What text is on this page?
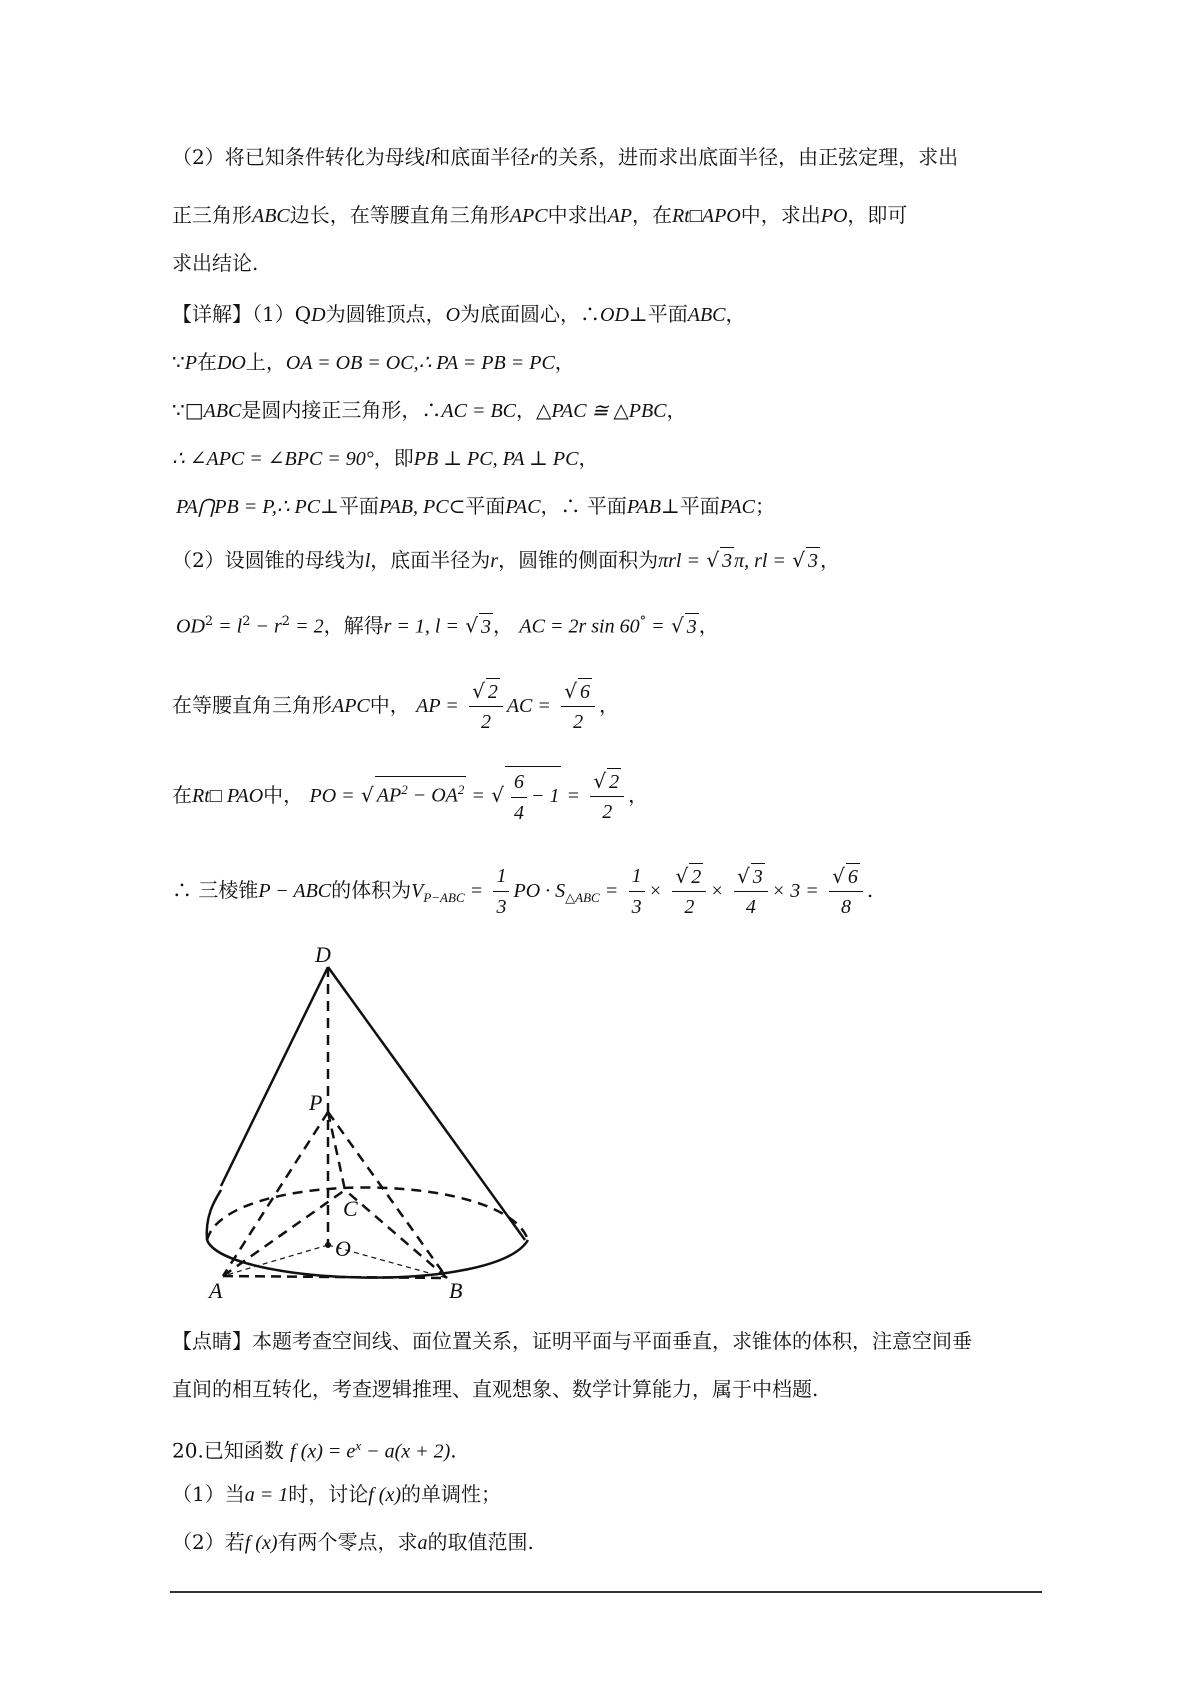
（2）将已知条件转化为母线l和底面半径r的关系，进而求出底面半径，由正弦定理，求出
正三角形ABC边长，在等腰直角三角形APC中求出AP，在Rt□APO中，求出PO，即可
求出结论.
【详解】（1）QD为圆锥顶点，O为底面圆心，∴OD⊥平面ABC，
∵P在DO上，OA = OB = OC,∴ PA = PB = PC，
∵□ABC是圆内接正三角形，∴AC = BC，△PAC ≅ △PBC，
∴ ∠APC = ∠BPC = 90°，即PB ⊥ PC, PA ⊥ PC，
PA⋂PB = P,∴ PC⊥平面PAB, PC⊂平面PAC，∴ 平面PAB⊥平面PAC；
（2）设圆锥的母线为l，底面半径为r，圆锥的侧面积为πrl = √ 3 π, rl = √ 3 ，
$OD^2 = l^2 - r^2 = 2$，解得r = 1, l = √ 3 ， AC = 2r sin 60° = √ 3 ，
在等腰直角三角形APC中， AP = $\frac{√ 2}{2}$ AC = $\frac{√ 6}{2}$ ，
在Rt□ PAO中， PO = √ $AP^2 - OA^2$ = √ $\frac{6}{4} - 1 = \frac{√ 2}{2}$ ，
∴ 三棱锥P − ABC的体积为$V_{P-ABC} = \frac{1}{3}$ PO · $S_{\triangle ABC} = \frac{1}{3} \times \frac{√ 2}{2} \times \frac{√ 3}{4} \times 3 = \frac{√ 6}{8}$ .
D
P
C
O
A	B
【点睛】本题考查空间线、面位置关系，证明平面与平面垂直，求锥体的体积，注意空间垂
直间的相互转化，考查逻辑推理、直观想象、数学计算能力，属于中档题.
20.已知函数 f $(x) = e^x - a(x + 2)$.
（1）当a = 1时，讨论f (x)的单调性；
（2）若f (x)有两个零点，求a的取值范围.
